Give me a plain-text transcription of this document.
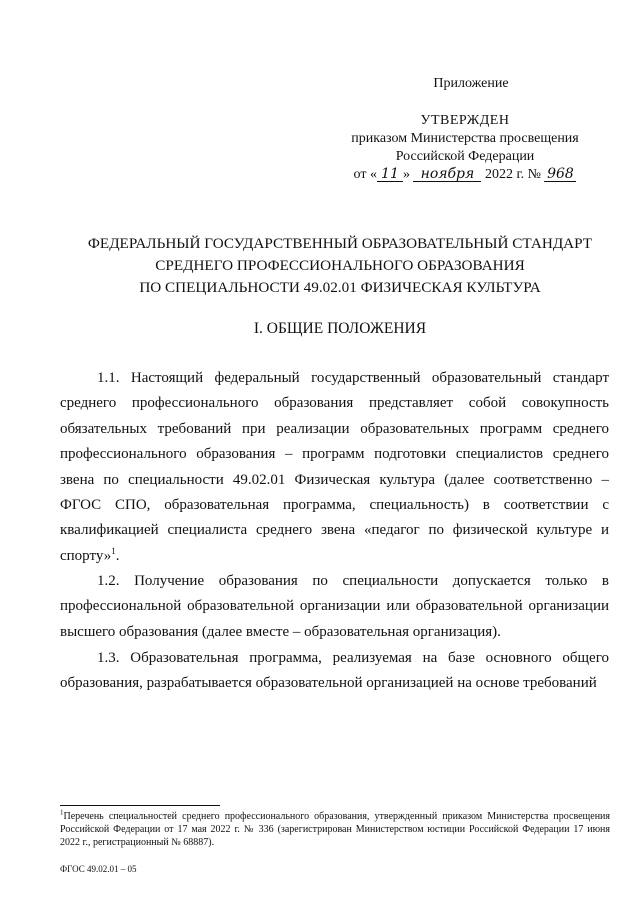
Приложение
УТВЕРЖДЕН
приказом Министерства просвещения
Российской Федерации
от « 11 » ноября 2022 г. № 968
ФЕДЕРАЛЬНЫЙ ГОСУДАРСТВЕННЫЙ ОБРАЗОВАТЕЛЬНЫЙ СТАНДАРТ
СРЕДНЕГО ПРОФЕССИОНАЛЬНОГО ОБРАЗОВАНИЯ
ПО СПЕЦИАЛЬНОСТИ 49.02.01 ФИЗИЧЕСКАЯ КУЛЬТУРА
I. ОБЩИЕ ПОЛОЖЕНИЯ

1.1. Настоящий федеральный государственный образовательный стандарт среднего профессионального образования представляет собой совокупность обязательных требований при реализации образовательных программ среднего профессионального образования – программ подготовки специалистов среднего звена по специальности 49.02.01 Физическая культура (далее соответственно – ФГОС СПО, образовательная программа, специальность) в соответствии с квалификацией специалиста среднего звена «педагог по физической культуре и спорту»$^1$.

1.2. Получение образования по специальности допускается только в профессиональной образовательной организации или образовательной организации высшего образования (далее вместе – образовательная организация).

1.3. Образовательная программа, реализуемая на базе основного общего образования, разрабатывается образовательной организацией на основе требований

$^1$Перечень специальностей среднего профессионального образования, утвержденный приказом Министерства просвещения Российской Федерации от 17 мая 2022 г. № 336 (зарегистрирован Министерством юстиции Российской Федерации 17 июня 2022 г., регистрационный № 68887).

ФГОС 49.02.01 – 05
